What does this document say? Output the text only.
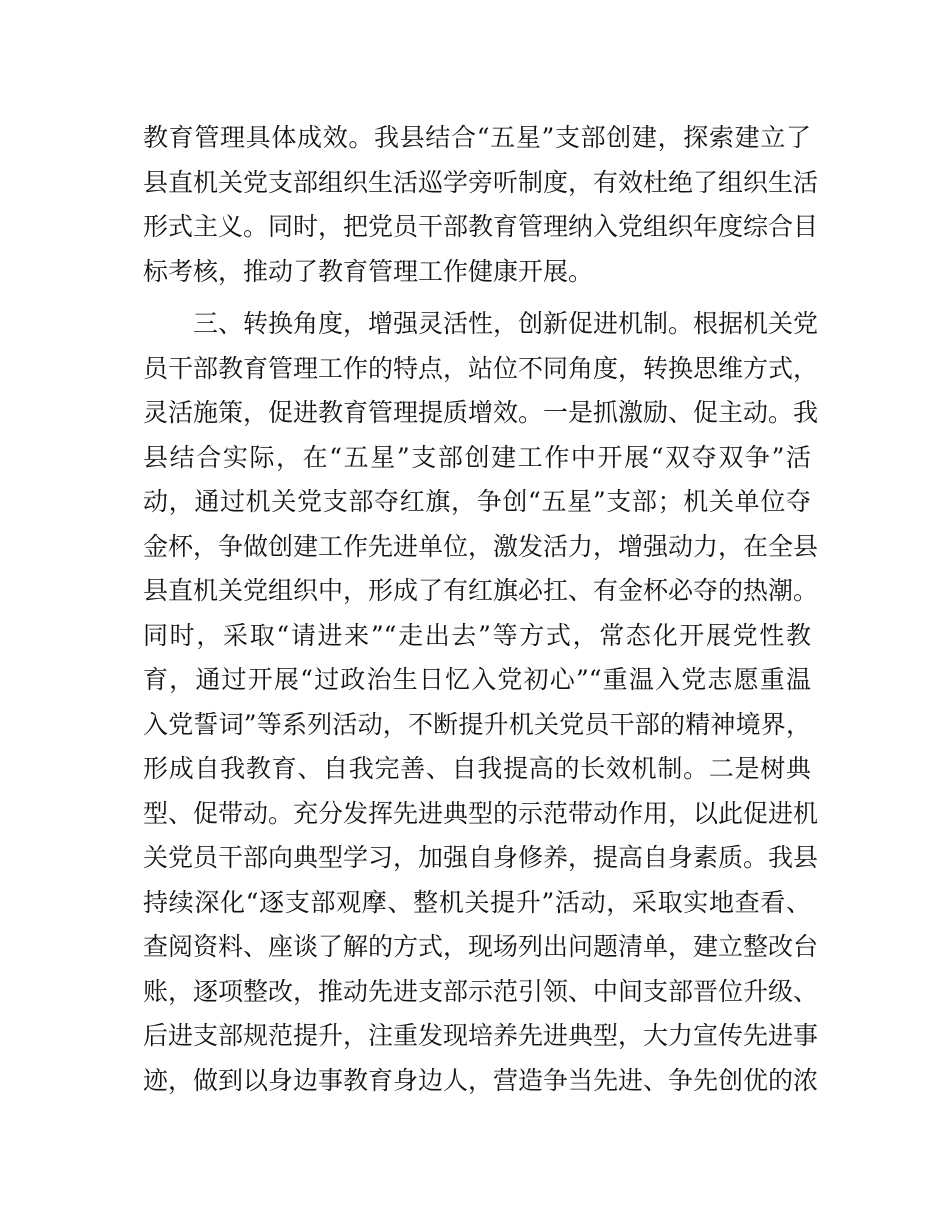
教育管理具体成效。我县结合“五星”支部创建，探索建立了
县直机关党支部组织生活巡学旁听制度，有效杜绝了组织生活
形式主义。同时，把党员干部教育管理纳入党组织年度综合目
标考核，推动了教育管理工作健康开展。
三、转换角度，增强灵活性，创新促进机制。根据机关党
员干部教育管理工作的特点，站位不同角度，转换思维方式，
灵活施策，促进教育管理提质增效。一是抓激励、促主动。我
县结合实际，在“五星”支部创建工作中开展“双夺双争”活
动，通过机关党支部夺红旗，争创“五星”支部；机关单位夺
金杯，争做创建工作先进单位，激发活力，增强动力，在全县
县直机关党组织中，形成了有红旗必扛、有金杯必夺的热潮。
同时，采取“请进来”“走出去”等方式，常态化开展党性教
育，通过开展“过政治生日忆入党初心”“重温入党志愿重温
入党誓词”等系列活动，不断提升机关党员干部的精神境界，
形成自我教育、自我完善、自我提高的长效机制。二是树典
型、促带动。充分发挥先进典型的示范带动作用，以此促进机
关党员干部向典型学习，加强自身修养，提高自身素质。我县
持续深化“逐支部观摩、整机关提升”活动，采取实地查看、
查阅资料、座谈了解的方式，现场列出问题清单，建立整改台
账，逐项整改，推动先进支部示范引领、中间支部晋位升级、
后进支部规范提升，注重发现培养先进典型，大力宣传先进事
迹，做到以身边事教育身边人，营造争当先进、争先创优的浓
